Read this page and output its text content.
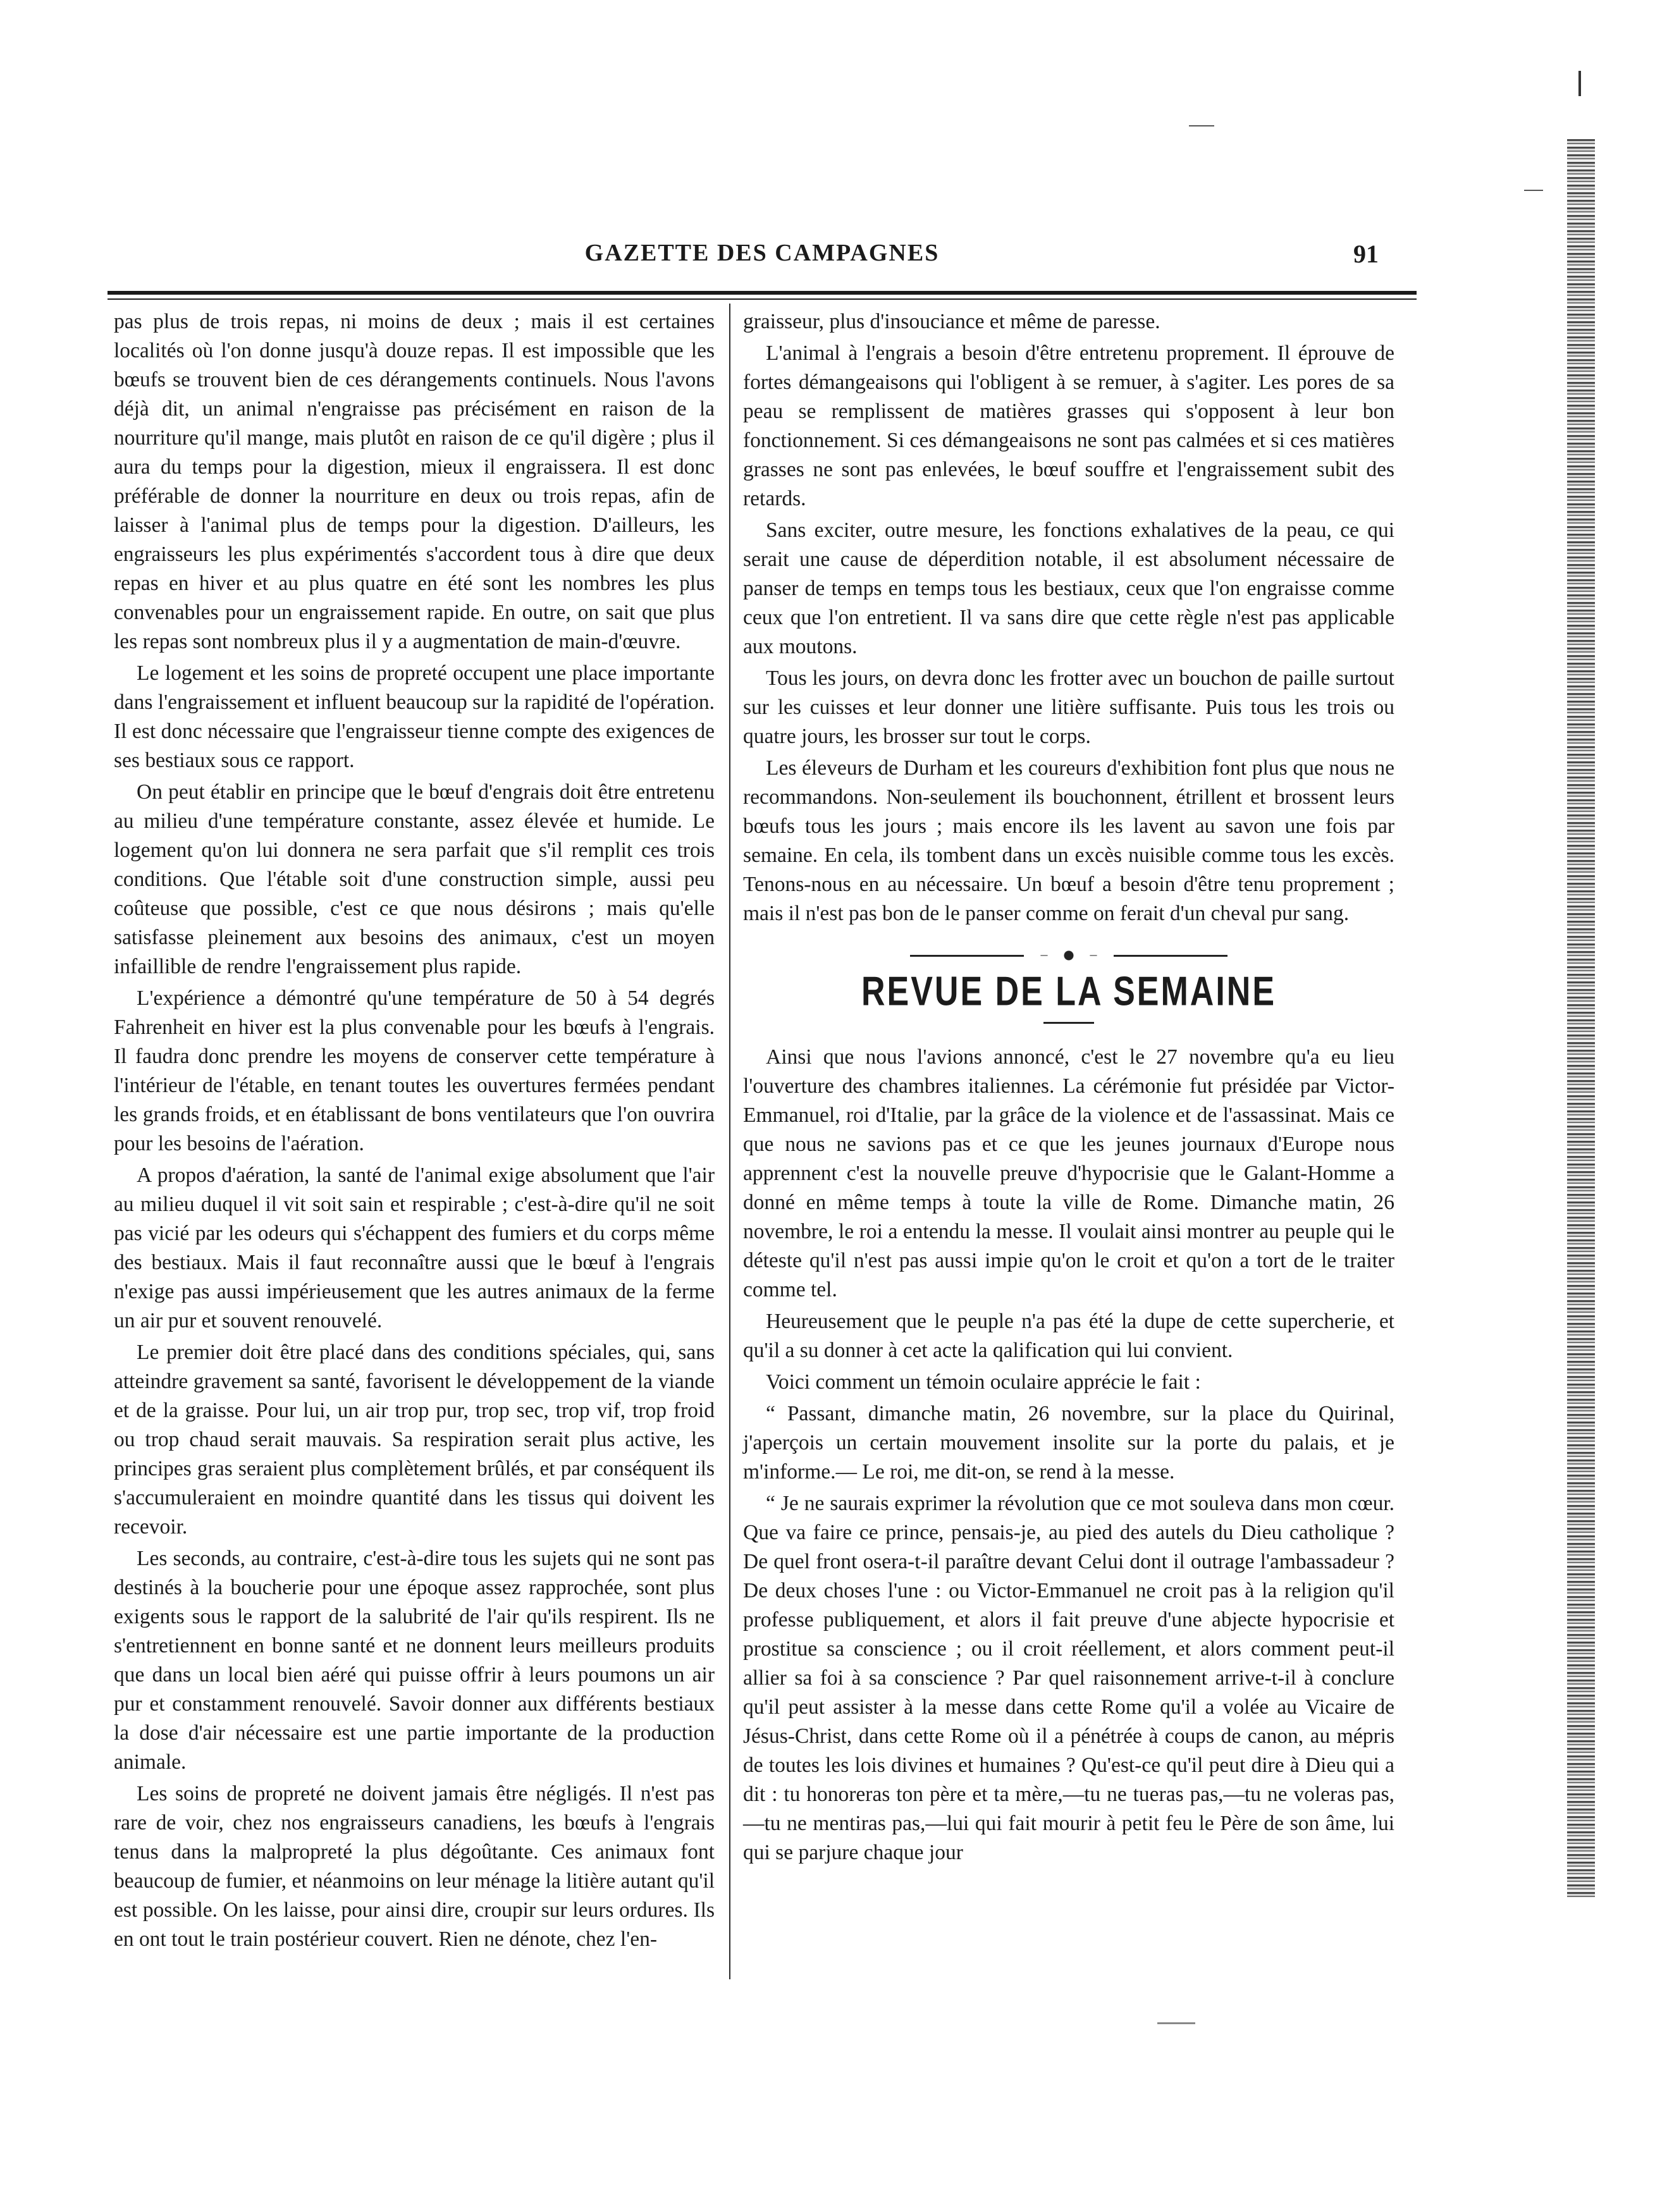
GAZETTE DES CAMPAGNES	91

pas plus de trois repas, ni moins de deux ; mais il est certaines localités où l'on donne jusqu'à douze repas. Il est impossible que les bœufs se trouvent bien de ces dérangements continuels. Nous l'avons déjà dit, un animal n'engraisse pas précisément en raison de la nourriture qu'il mange, mais plutôt en raison de ce qu'il digère ; plus il aura du temps pour la digestion, mieux il engraissera. Il est donc préférable de donner la nourriture en deux ou trois repas, afin de laisser à l'animal plus de temps pour la digestion. D'ailleurs, les engraisseurs les plus expérimentés s'accordent tous à dire que deux repas en hiver et au plus quatre en été sont les nombres les plus convenables pour un engraissement rapide. En outre, on sait que plus les repas sont nombreux plus il y a augmentation de main-d'œuvre.

Le logement et les soins de propreté occupent une place importante dans l'engraissement et influent beaucoup sur la rapidité de l'opération. Il est donc nécessaire que l'engraisseur tienne compte des exigences de ses bestiaux sous ce rapport.

On peut établir en principe que le bœuf d'engrais doit être entretenu au milieu d'une température constante, assez élevée et humide. Le logement qu'on lui donnera ne sera parfait que s'il remplit ces trois conditions. Que l'étable soit d'une construction simple, aussi peu coûteuse que possible, c'est ce que nous désirons ; mais qu'elle satisfasse pleinement aux besoins des animaux, c'est un moyen infaillible de rendre l'engraissement plus rapide.

L'expérience a démontré qu'une température de 50 à 54 degrés Fahrenheit en hiver est la plus convenable pour les bœufs à l'engrais. Il faudra donc prendre les moyens de conserver cette température à l'intérieur de l'étable, en tenant toutes les ouvertures fermées pendant les grands froids, et en établissant de bons ventilateurs que l'on ouvrira pour les besoins de l'aération.

A propos d'aération, la santé de l'animal exige absolument que l'air au milieu duquel il vit soit sain et respirable ; c'est-à-dire qu'il ne soit pas vicié par les odeurs qui s'échappent des fumiers et du corps même des bestiaux. Mais il faut reconnaître aussi que le bœuf à l'engrais n'exige pas aussi impérieusement que les autres animaux de la ferme un air pur et souvent renouvelé.

Le premier doit être placé dans des conditions spéciales, qui, sans atteindre gravement sa santé, favorisent le développement de la viande et de la graisse. Pour lui, un air trop pur, trop sec, trop vif, trop froid ou trop chaud serait mauvais. Sa respiration serait plus active, les principes gras seraient plus complètement brûlés, et par conséquent ils s'accumuleraient en moindre quantité dans les tissus qui doivent les recevoir.

Les seconds, au contraire, c'est-à-dire tous les sujets qui ne sont pas destinés à la boucherie pour une époque assez rapprochée, sont plus exigents sous le rapport de la salubrité de l'air qu'ils respirent. Ils ne s'entretiennent en bonne santé et ne donnent leurs meilleurs produits que dans un local bien aéré qui puisse offrir à leurs poumons un air pur et constamment renouvelé. Savoir donner aux différents bestiaux la dose d'air nécessaire est une partie importante de la production animale.

Les soins de propreté ne doivent jamais être négligés. Il n'est pas rare de voir, chez nos engraisseurs canadiens, les bœufs à l'engrais tenus dans la malpropreté la plus dégoûtante. Ces animaux font beaucoup de fumier, et néanmoins on leur ménage la litière autant qu'il est possible. On les laisse, pour ainsi dire, croupir sur leurs ordures. Ils en ont tout le train postérieur couvert. Rien ne dénote, chez l'en-

graisseur, plus d'insouciance et même de paresse.

L'animal à l'engrais a besoin d'être entretenu proprement. Il éprouve de fortes démangeaisons qui l'obligent à se remuer, à s'agiter. Les pores de sa peau se remplissent de matières grasses qui s'opposent à leur bon fonctionnement. Si ces démangeaisons ne sont pas calmées et si ces matières grasses ne sont pas enlevées, le bœuf souffre et l'engraissement subit des retards.

Sans exciter, outre mesure, les fonctions exhalatives de la peau, ce qui serait une cause de déperdition notable, il est absolument nécessaire de panser de temps en temps tous les bestiaux, ceux que l'on engraisse comme ceux que l'on entretient. Il va sans dire que cette règle n'est pas applicable aux moutons.

Tous les jours, on devra donc les frotter avec un bouchon de paille surtout sur les cuisses et leur donner une litière suffisante. Puis tous les trois ou quatre jours, les brosser sur tout le corps.

Les éleveurs de Durham et les coureurs d'exhibition font plus que nous ne recommandons. Non-seulement ils bouchonnent, étrillent et brossent leurs bœufs tous les jours ; mais encore ils les lavent au savon une fois par semaine. En cela, ils tombent dans un excès nuisible comme tous les excès. Tenons-nous en au nécessaire. Un bœuf a besoin d'être tenu proprement ; mais il n'est pas bon de le panser comme on ferait d'un cheval pur sang.

REVUE DE LA SEMAINE

Ainsi que nous l'avions annoncé, c'est le 27 novembre qu'a eu lieu l'ouverture des chambres italiennes. La cérémonie fut présidée par Victor-Emmanuel, roi d'Italie, par la grâce de la violence et de l'assassinat. Mais ce que nous ne savions pas et ce que les jeunes journaux d'Europe nous apprennent c'est la nouvelle preuve d'hypocrisie que le Galant-Homme a donné en même temps à toute la ville de Rome. Dimanche matin, 26 novembre, le roi a entendu la messe. Il voulait ainsi montrer au peuple qui le déteste qu'il n'est pas aussi impie qu'on le croit et qu'on a tort de le traiter comme tel.

Heureusement que le peuple n'a pas été la dupe de cette supercherie, et qu'il a su donner à cet acte la qalification qui lui convient.

Voici comment un témoin oculaire apprécie le fait :

“ Passant, dimanche matin, 26 novembre, sur la place du Quirinal, j'aperçois un certain mouvement insolite sur la porte du palais, et je m'informe.— Le roi, me dit-on, se rend à la messe.

“ Je ne saurais exprimer la révolution que ce mot souleva dans mon cœur. Que va faire ce prince, pensais-je, au pied des autels du Dieu catholique ? De quel front osera-t-il paraître devant Celui dont il outrage l'ambassadeur ? De deux choses l'une : ou Victor-Emmanuel ne croit pas à la religion qu'il professe publiquement, et alors il fait preuve d'une abjecte hypocrisie et prostitue sa conscience ; ou il croit réellement, et alors comment peut-il allier sa foi à sa conscience ? Par quel raisonnement arrive-t-il à conclure qu'il peut assister à la messe dans cette Rome qu'il a volée au Vicaire de Jésus-Christ, dans cette Rome où il a pénétrée à coups de canon, au mépris de toutes les lois divines et humaines ? Qu'est-ce qu'il peut dire à Dieu qui a dit : tu honoreras ton père et ta mère,—tu ne tueras pas,—tu ne voleras pas,—tu ne mentiras pas,—lui qui fait mourir à petit feu le Père de son âme, lui qui se parjure chaque jour
